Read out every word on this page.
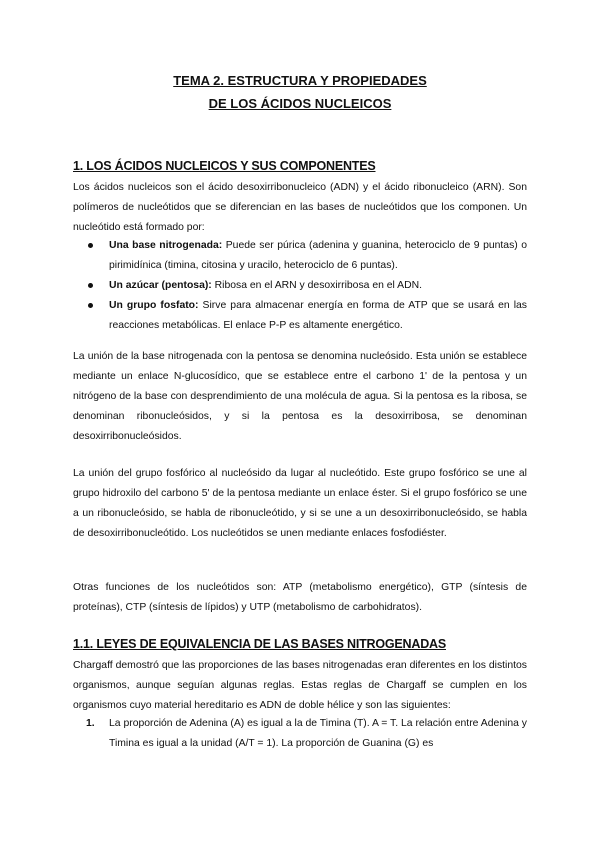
TEMA 2. ESTRUCTURA Y PROPIEDADES
DE LOS ÁCIDOS NUCLEICOS
1. LOS ÁCIDOS NUCLEICOS Y SUS COMPONENTES

Los ácidos nucleicos son el ácido desoxirribonucleico (ADN) y el ácido ribonucleico (ARN). Son polímeros de nucleótidos que se diferencian en las bases de nucleótidos que los componen. Un nucleótido está formado por:

Una base nitrogenada: Puede ser púrica (adenina y guanina, heterociclo de 9 puntas) o pirimidínica (timina, citosina y uracilo, heterociclo de 6 puntas).
Un azúcar (pentosa): Ribosa en el ARN y desoxirribosa en el ADN.
Un grupo fosfato: Sirve para almacenar energía en forma de ATP que se usará en las reacciones metabólicas. El enlace P-P es altamente energético.

La unión de la base nitrogenada con la pentosa se denomina nucleósido. Esta unión se establece mediante un enlace N-glucosídico, que se establece entre el carbono 1' de la pentosa y un nitrógeno de la base con desprendimiento de una molécula de agua. Si la pentosa es la ribosa, se denominan ribonucleósidos, y si la pentosa es la desoxirribosa, se denominan desoxirribonucleósidos.

La unión del grupo fosfórico al nucleósido da lugar al nucleótido. Este grupo fosfórico se une al grupo hidroxilo del carbono 5' de la pentosa mediante un enlace éster. Si el grupo fosfórico se une a un ribonucleósido, se habla de ribonucleótido, y si se une a un desoxirribonucleósido, se habla de desoxirribonucleótido. Los nucleótidos se unen mediante enlaces fosfodiéster.

Otras funciones de los nucleótidos son: ATP (metabolismo energético), GTP (síntesis de proteínas), CTP (síntesis de lípidos) y UTP (metabolismo de carbohidratos).

1.1. LEYES DE EQUIVALENCIA DE LAS BASES NITROGENADAS

Chargaff demostró que las proporciones de las bases nitrogenadas eran diferentes en los distintos organismos, aunque seguían algunas reglas. Estas reglas de Chargaff se cumplen en los organismos cuyo material hereditario es ADN de doble hélice y son las siguientes:

1. La proporción de Adenina (A) es igual a la de Timina (T). A = T. La relación entre Adenina y Timina es igual a la unidad (A/T = 1). La proporción de Guanina (G) es
